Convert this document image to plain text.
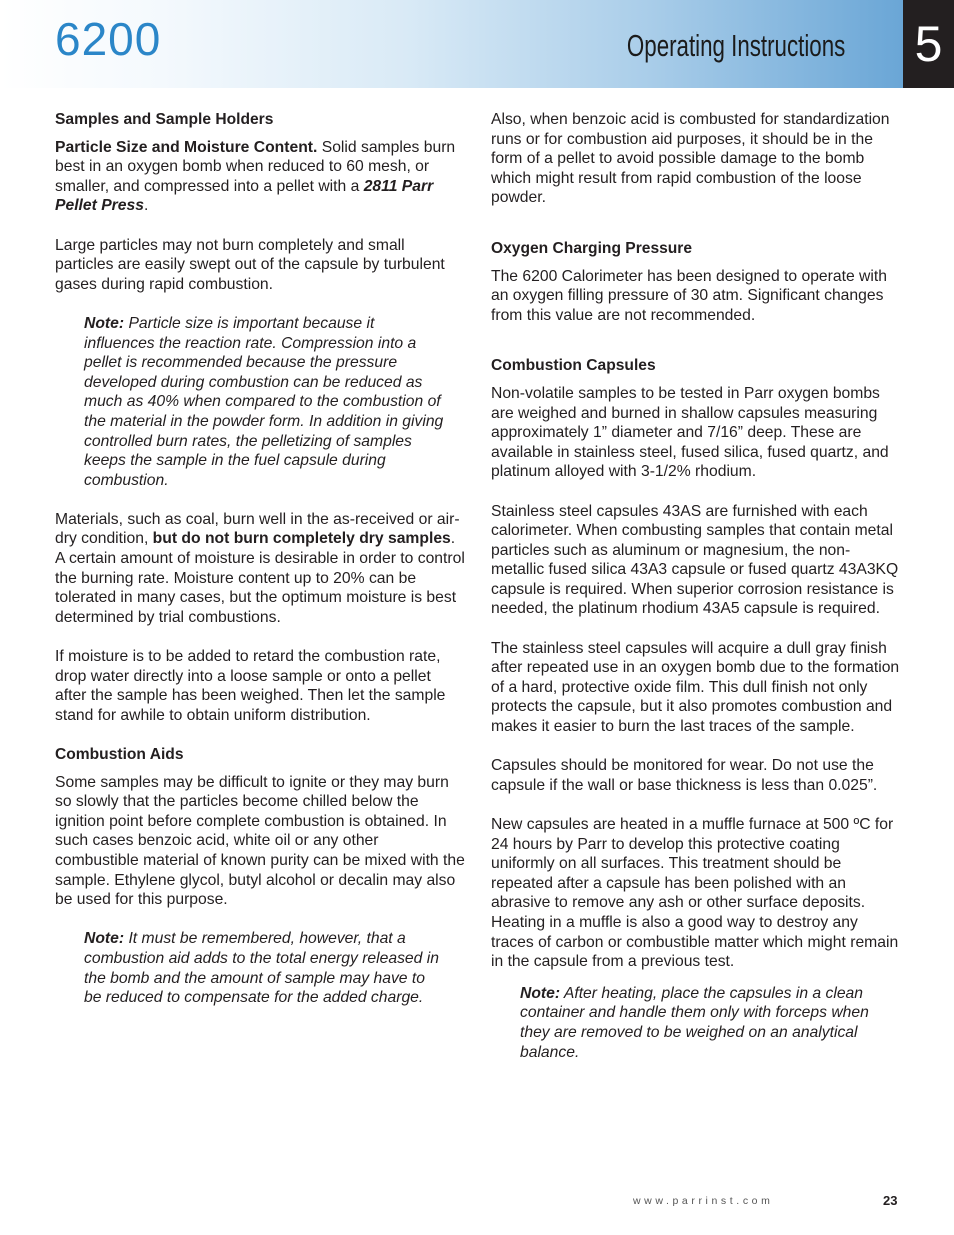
6200	Operating Instructions 5
Samples and Sample Holders

Particle Size and Moisture Content. Solid samples burn best in an oxygen bomb when reduced to 60 mesh, or smaller, and compressed into a pellet with a 2811 Parr Pellet Press.

Large particles may not burn completely and small particles are easily swept out of the capsule by turbulent gases during rapid combustion.

Note: Particle size is important because it influences the reaction rate. Compression into a pellet is recommended because the pressure developed during combustion can be reduced as much as 40% when compared to the combustion of the material in the powder form. In addition in giving controlled burn rates, the pelletizing of samples keeps the sample in the fuel capsule during combustion.

Materials, such as coal, burn well in the as-received or air-dry condition, but do not burn completely dry samples. A certain amount of moisture is desirable in order to control the burning rate. Moisture content up to 20% can be tolerated in many cases, but the optimum moisture is best determined by trial combustions.

If moisture is to be added to retard the combustion rate, drop water directly into a loose sample or onto a pellet after the sample has been weighed. Then let the sample stand for awhile to obtain uniform distribution.

Combustion Aids

Some samples may be difficult to ignite or they may burn so slowly that the particles become chilled below the ignition point before complete combustion is obtained. In such cases benzoic acid, white oil or any other combustible material of known purity can be mixed with the sample. Ethylene glycol, butyl alcohol or decalin may also be used for this purpose.

Note: It must be remembered, however, that a combustion aid adds to the total energy released in the bomb and the amount of sample may have to be reduced to compensate for the added charge.

Also, when benzoic acid is combusted for standardization runs or for combustion aid purposes, it should be in the form of a pellet to avoid possible damage to the bomb which might result from rapid combustion of the loose powder.

Oxygen Charging Pressure

The 6200 Calorimeter has been designed to operate with an oxygen filling pressure of 30 atm. Significant changes from this value are not recommended.

Combustion Capsules

Non-volatile samples to be tested in Parr oxygen bombs are weighed and burned in shallow capsules measuring approximately 1” diameter and 7/16” deep. These are available in stainless steel, fused silica, fused quartz, and platinum alloyed with 3-1/2% rhodium.

Stainless steel capsules 43AS are furnished with each calorimeter. When combusting samples that contain metal particles such as aluminum or magnesium, the non-metallic fused silica 43A3 capsule or fused quartz 43A3KQ capsule is required. When superior corrosion resistance is needed, the platinum rhodium 43A5 capsule is required.

The stainless steel capsules will acquire a dull gray finish after repeated use in an oxygen bomb due to the formation of a hard, protective oxide film. This dull finish not only protects the capsule, but it also promotes combustion and makes it easier to burn the last traces of the sample.

Capsules should be monitored for wear. Do not use the capsule if the wall or base thickness is less than 0.025”.

New capsules are heated in a muffle furnace at 500 ºC for 24 hours by Parr to develop this protective coating uniformly on all surfaces. This treatment should be repeated after a capsule has been polished with an abrasive to remove any ash or other surface deposits. Heating in a muffle is also a good way to destroy any traces of carbon or combustible matter which might remain in the capsule from a previous test.

Note: After heating, place the capsules in a clean container and handle them only with forceps when they are removed to be weighed on an analytical balance.

www.parrinst.com	23
